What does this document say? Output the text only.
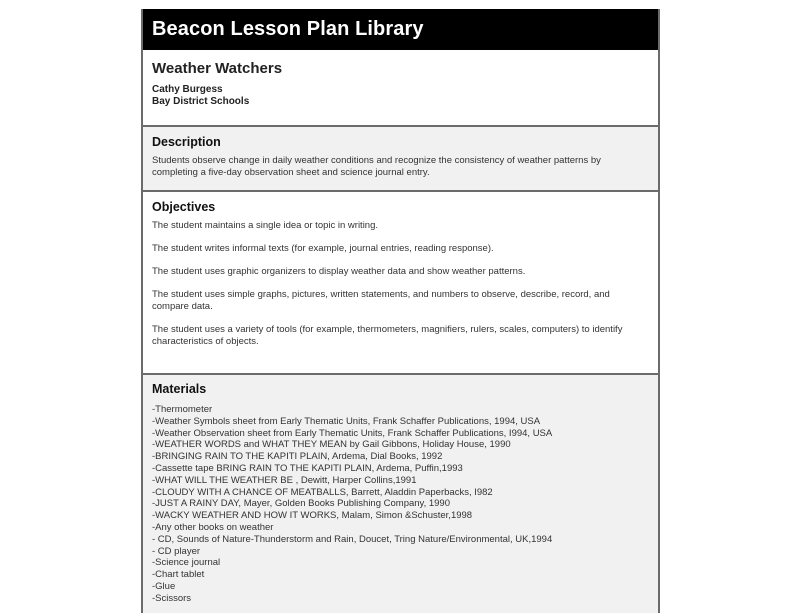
Beacon Lesson Plan Library
Weather Watchers
Cathy Burgess
Bay District Schools
Description
Students observe change in daily weather conditions and recognize the consistency of weather patterns by completing a five-day observation sheet and science journal entry.
Objectives

The student maintains a single idea or topic in writing.

The student writes informal texts (for example, journal entries, reading response).

The student uses graphic organizers to display weather data and show weather patterns.

The student uses simple graphs, pictures, written statements, and numbers to observe, describe, record, and compare data.

The student uses a variety of tools (for example, thermometers, magnifiers, rulers, scales, computers) to identify characteristics of objects.

Materials
-Thermometer
-Weather Symbols sheet from Early Thematic Units, Frank Schaffer Publications, 1994, USA
-Weather Observation sheet from Early Thematic Units, Frank Schaffer Publications, I994, USA
-WEATHER WORDS and WHAT THEY MEAN by Gail Gibbons, Holiday House, 1990
-BRINGING RAIN TO THE KAPITI PLAIN, Ardema, Dial Books, 1992
-Cassette tape BRING RAIN TO THE KAPITI PLAIN, Ardema, Puffin,1993
-WHAT WILL THE WEATHER BE , Dewitt, Harper Collins,1991
-CLOUDY WITH A CHANCE OF MEATBALLS, Barrett, Aladdin Paperbacks, I982
-JUST A RAINY DAY, Mayer, Golden Books Publishing Company, 1990
-WACKY WEATHER AND HOW IT WORKS, Malam, Simon &Schuster,1998
-Any other books on weather
- CD, Sounds of Nature-Thunderstorm and Rain, Doucet, Tring Nature/Environmental, UK,1994
- CD player
-Science journal
-Chart tablet
-Glue
-Scissors
